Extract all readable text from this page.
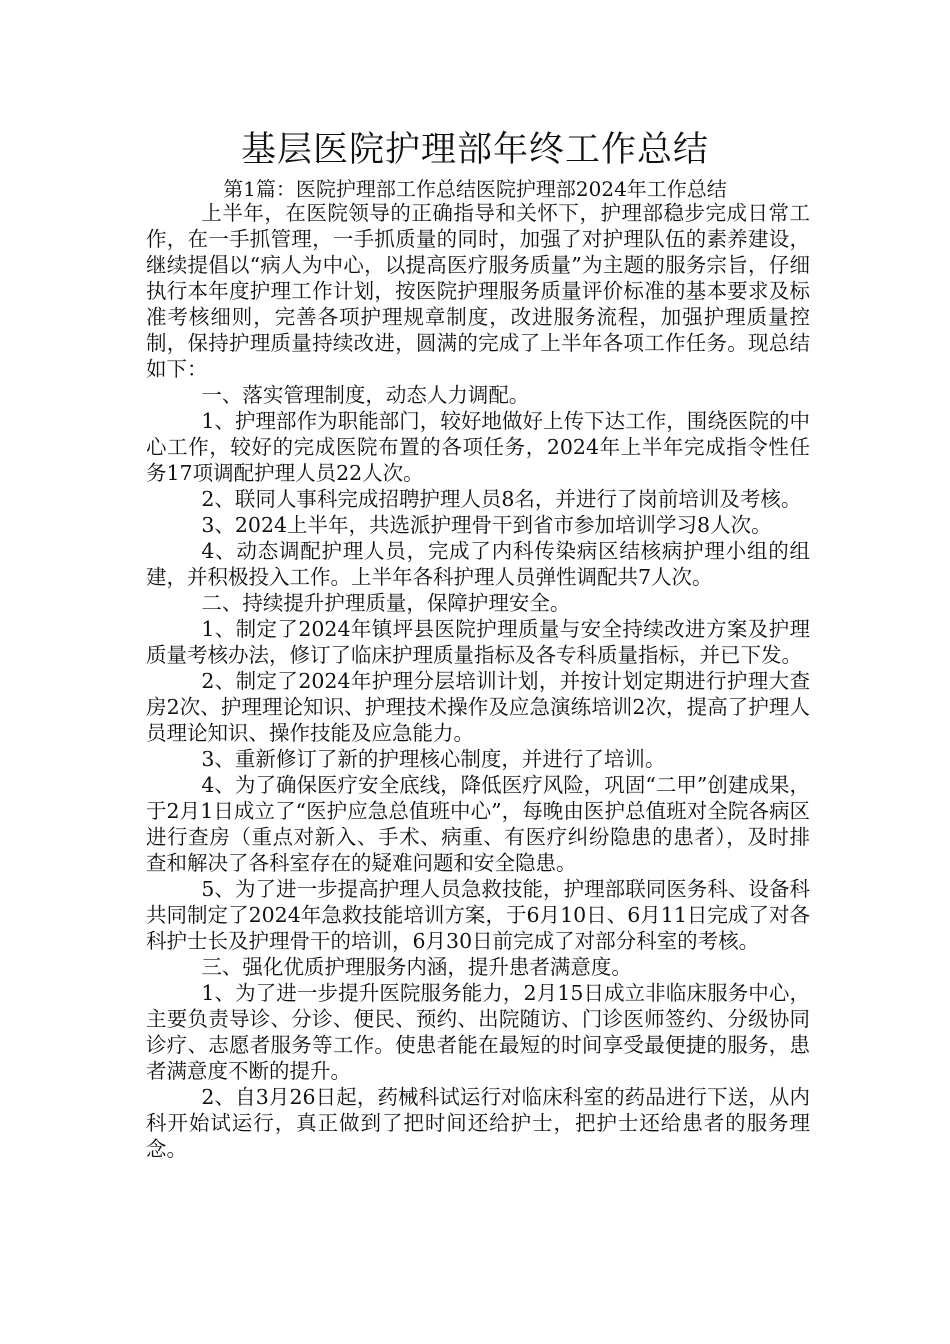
基层医院护理部年终工作总结
第1篇：医院护理部工作总结医院护理部2024年工作总结

上半年，在医院领导的正确指导和关怀下，护理部稳步完成日常工作，在一手抓管理，一手抓质量的同时，加强了对护理队伍的素养建设，继续提倡以“病人为中心，以提高医疗服务质量”为主题的服务宗旨，仔细执行本年度护理工作计划，按医院护理服务质量评价标准的基本要求及标准考核细则，完善各项护理规章制度，改进服务流程，加强护理质量控制，保持护理质量持续改进，圆满的完成了上半年各项工作任务。现总结如下：

一、落实管理制度，动态人力调配。

1、护理部作为职能部门，较好地做好上传下达工作，围绕医院的中心工作，较好的完成医院布置的各项任务，2024年上半年完成指令性任务17项调配护理人员22人次。

2、联同人事科完成招聘护理人员8名，并进行了岗前培训及考核。

3、2024上半年，共选派护理骨干到省市参加培训学习8人次。

4、动态调配护理人员，完成了内科传染病区结核病护理小组的组建，并积极投入工作。上半年各科护理人员弹性调配共7人次。

二、持续提升护理质量，保障护理安全。

1、制定了2024年镇坪县医院护理质量与安全持续改进方案及护理质量考核办法，修订了临床护理质量指标及各专科质量指标，并已下发。

2、制定了2024年护理分层培训计划，并按计划定期进行护理大查房2次、护理理论知识、护理技术操作及应急演练培训2次，提高了护理人员理论知识、操作技能及应急能力。

3、重新修订了新的护理核心制度，并进行了培训。

4、为了确保医疗安全底线，降低医疗风险，巩固“二甲”创建成果，于2月1日成立了“医护应急总值班中心”，每晚由医护总值班对全院各病区进行查房（重点对新入、手术、病重、有医疗纠纷隐患的患者），及时排查和解决了各科室存在的疑难问题和安全隐患。

5、为了进一步提高护理人员急救技能，护理部联同医务科、设备科共同制定了2024年急救技能培训方案，于6月10日、6月11日完成了对各科护士长及护理骨干的培训，6月30日前完成了对部分科室的考核。

三、强化优质护理服务内涵，提升患者满意度。

1、为了进一步提升医院服务能力，2月15日成立非临床服务中心，主要负责导诊、分诊、便民、预约、出院随访、门诊医师签约、分级协同诊疗、志愿者服务等工作。使患者能在最短的时间享受最便捷的服务，患者满意度不断的提升。

2、自3月26日起，药械科试运行对临床科室的药品进行下送，从内科开始试运行，真正做到了把时间还给护士，把护士还给患者的服务理念。
